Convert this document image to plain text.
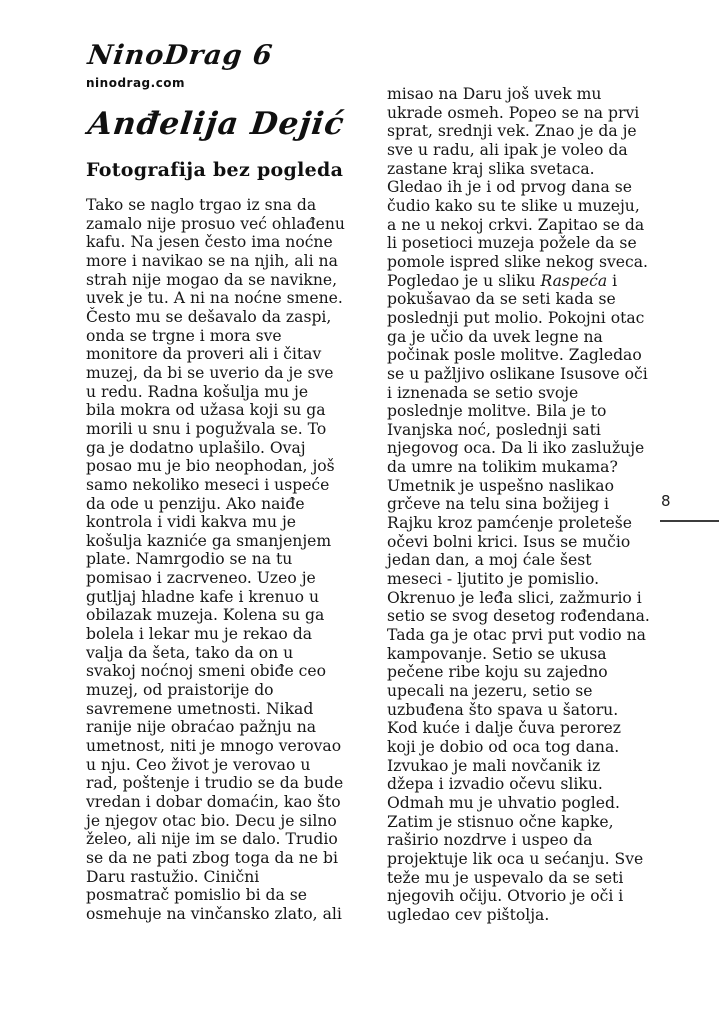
NinoDrag 6
ninodrag.com
Anđelija Dejić
Fotografija bez pogleda
Tako se naglo trgao iz sna da
zamalo nije prosuo već ohlađenu
kafu. Na jesen često ima noćne
more i navikao se na njih, ali na
strah nije mogao da se navikne,
uvek je tu. A ni na noćne smene.
Često mu se dešavalo da zaspi,
onda se trgne i mora sve
monitore da proveri ali i čitav
muzej, da bi se uverio da je sve
u redu. Radna košulja mu je
bila mokra od užasa koji su ga
morili u snu i pogužvala se. To
ga je dodatno uplašilo. Ovaj
posao mu je bio neophodan, još
samo nekoliko meseci i uspeće
da ode u penziju. Ako naiđe
kontrola i vidi kakva mu je
košulja kazniće ga smanjenjem
plate. Namrgodio se na tu
pomisao i zacrveneo. Uzeo je
gutljaj hladne kafe i krenuo u
obilazak muzeja. Kolena su ga
bolela i lekar mu je rekao da
valja da šeta, tako da on u
svakoj noćnoj smeni obiđe ceo
muzej, od praistorije do
savremene umetnosti. Nikad
ranije nije obraćao pažnju na
umetnost, niti je mnogo verovao
u nju. Ceo život je verovao u
rad, poštenje i trudio se da bude
vredan i dobar domaćin, kao što
je njegov otac bio. Decu je silno
želeo, ali nije im se dalo. Trudio
se da ne pati zbog toga da ne bi
Daru rastužio. Cinični
posmatrač pomislio bi da se
osmehuje na vinčansko zlato, ali
misao na Daru još uvek mu
ukrade osmeh. Popeo se na prvi
sprat, srednji vek. Znao je da je
sve u radu, ali ipak je voleo da
zastane kraj slika svetaca.
Gledao ih je i od prvog dana se
čudio kako su te slike u muzeju,
a ne u nekoj crkvi. Zapitao se da
li posetioci muzeja požele da se
pomole ispred slike nekog sveca.
Pogledao je u sliku Raspeća i
pokušavao da se seti kada se
poslednji put molio. Pokojni otac
ga je učio da uvek legne na
počinak posle molitve. Zagledao
se u pažljivo oslikane Isusove oči
i iznenada se setio svoje
poslednje molitve. Bila je to
Ivanjska noć, poslednji sati
njegovog oca. Da li iko zaslužuje
da umre na tolikim mukama?
Umetnik je uspešno naslikao
grčeve na telu sina božijeg i
Rajku kroz pamćenje proleteše
očevi bolni krici. Isus se mučio
jedan dan, a moj ćale šest
meseci - ljutito je pomislio.
Okrenuo je leđa slici, zažmurio i
setio se svog desetog rođendana.
Tada ga je otac prvi put vodio na
kampovanje. Setio se ukusa
pečene ribe koju su zajedno
upecali na jezeru, setio se
uzbuđena što spava u šatoru.
Kod kuće i dalje čuva perorez
koji je dobio od oca tog dana.
Izvukao je mali novčanik iz
džepa i izvadio očevu sliku.
Odmah mu je uhvatio pogled.
Zatim je stisnuo očne kapke,
raširio nozdrve i uspeo da
projektuje lik oca u sećanju. Sve
teže mu je uspevalo da se seti
njegovih očiju. Otvorio je oči i
ugledao cev pištolja.
8
